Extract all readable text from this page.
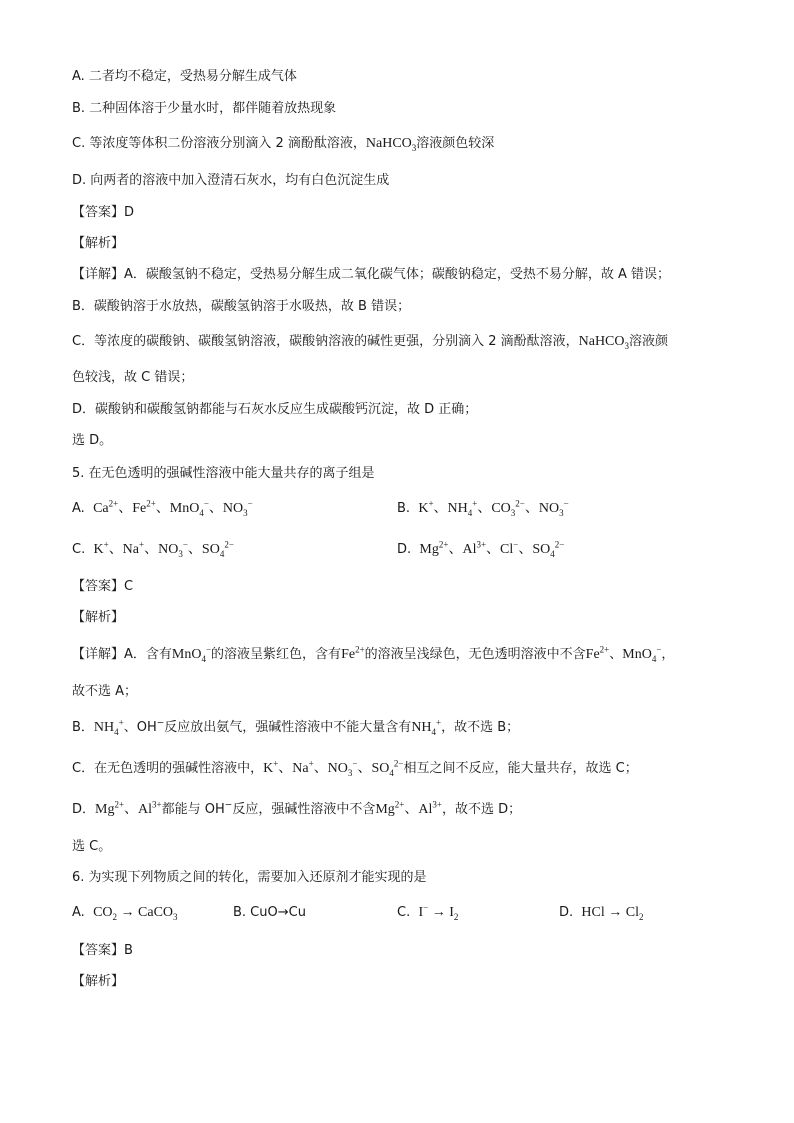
A. 二者均不稳定，受热易分解生成气体
B. 二种固体溶于少量水时，都伴随着放热现象
C. 等浓度等体积二份溶液分别滴入 2 滴酚酞溶液，NaHCO$_3$溶液颜色较深
D. 向两者的溶液中加入澄清石灰水，均有白色沉淀生成
【答案】D
【解析】
【详解】A．碳酸氢钠不稳定，受热易分解生成二氧化碳气体；碳酸钠稳定，受热不易分解，故 A 错误；
B．碳酸钠溶于水放热，碳酸氢钠溶于水吸热，故 B 错误；
C．等浓度的碳酸钠、碳酸氢钠溶液，碳酸钠溶液的碱性更强，分别滴入 2 滴酚酞溶液，NaHCO$_3$溶液颜
色较浅，故 C 错误；
D．碳酸钠和碳酸氢钠都能与石灰水反应生成碳酸钙沉淀，故 D 正确；
选 D。
5. 在无色透明的强碱性溶液中能大量共存的离子组是
A. $Ca^{2+}$、$Fe^{2+}$、MnO$_4$−、$NO_3^-$	B. K+、$NH_4^+$、$CO_3^{2-}$、$NO_3^-$
C. K+、Na+、$NO_3^-$、$SO_4^{2-}$	D. $Mg^{2+}$、$Al^{3+}$、Cl−、$SO_4^{2-}$
【答案】C
【解析】
【详解】A．含有MnO$_4$−的溶液呈紫红色，含有$Fe^{2+}$的溶液呈浅绿色，无色透明溶液中不含$Fe^{2+}$、MnO$_4$−，
故不选 A；
B．$NH_4^+$、OH−反应放出氨气，强碱性溶液中不能大量含有$NH_4^+$，故不选 B；
C．在无色透明的强碱性溶液中，K+、Na+、$NO_3^-$、$SO_4^{2-}$相互之间不反应，能大量共存，故选 C；
D．$Mg^{2+}$、$Al^{3+}$都能与 OH−反应，强碱性溶液中不含$Mg^{2+}$、$Al^{3+}$，故不选 D；
选 C。
6. 为实现下列物质之间的转化，需要加入还原剂才能实现的是
A. $CO_2$ → CaCO$_3$	B. CuO→Cu	C. $I^- \to I_2$	D. HCl → $Cl_2$
【答案】B
【解析】
